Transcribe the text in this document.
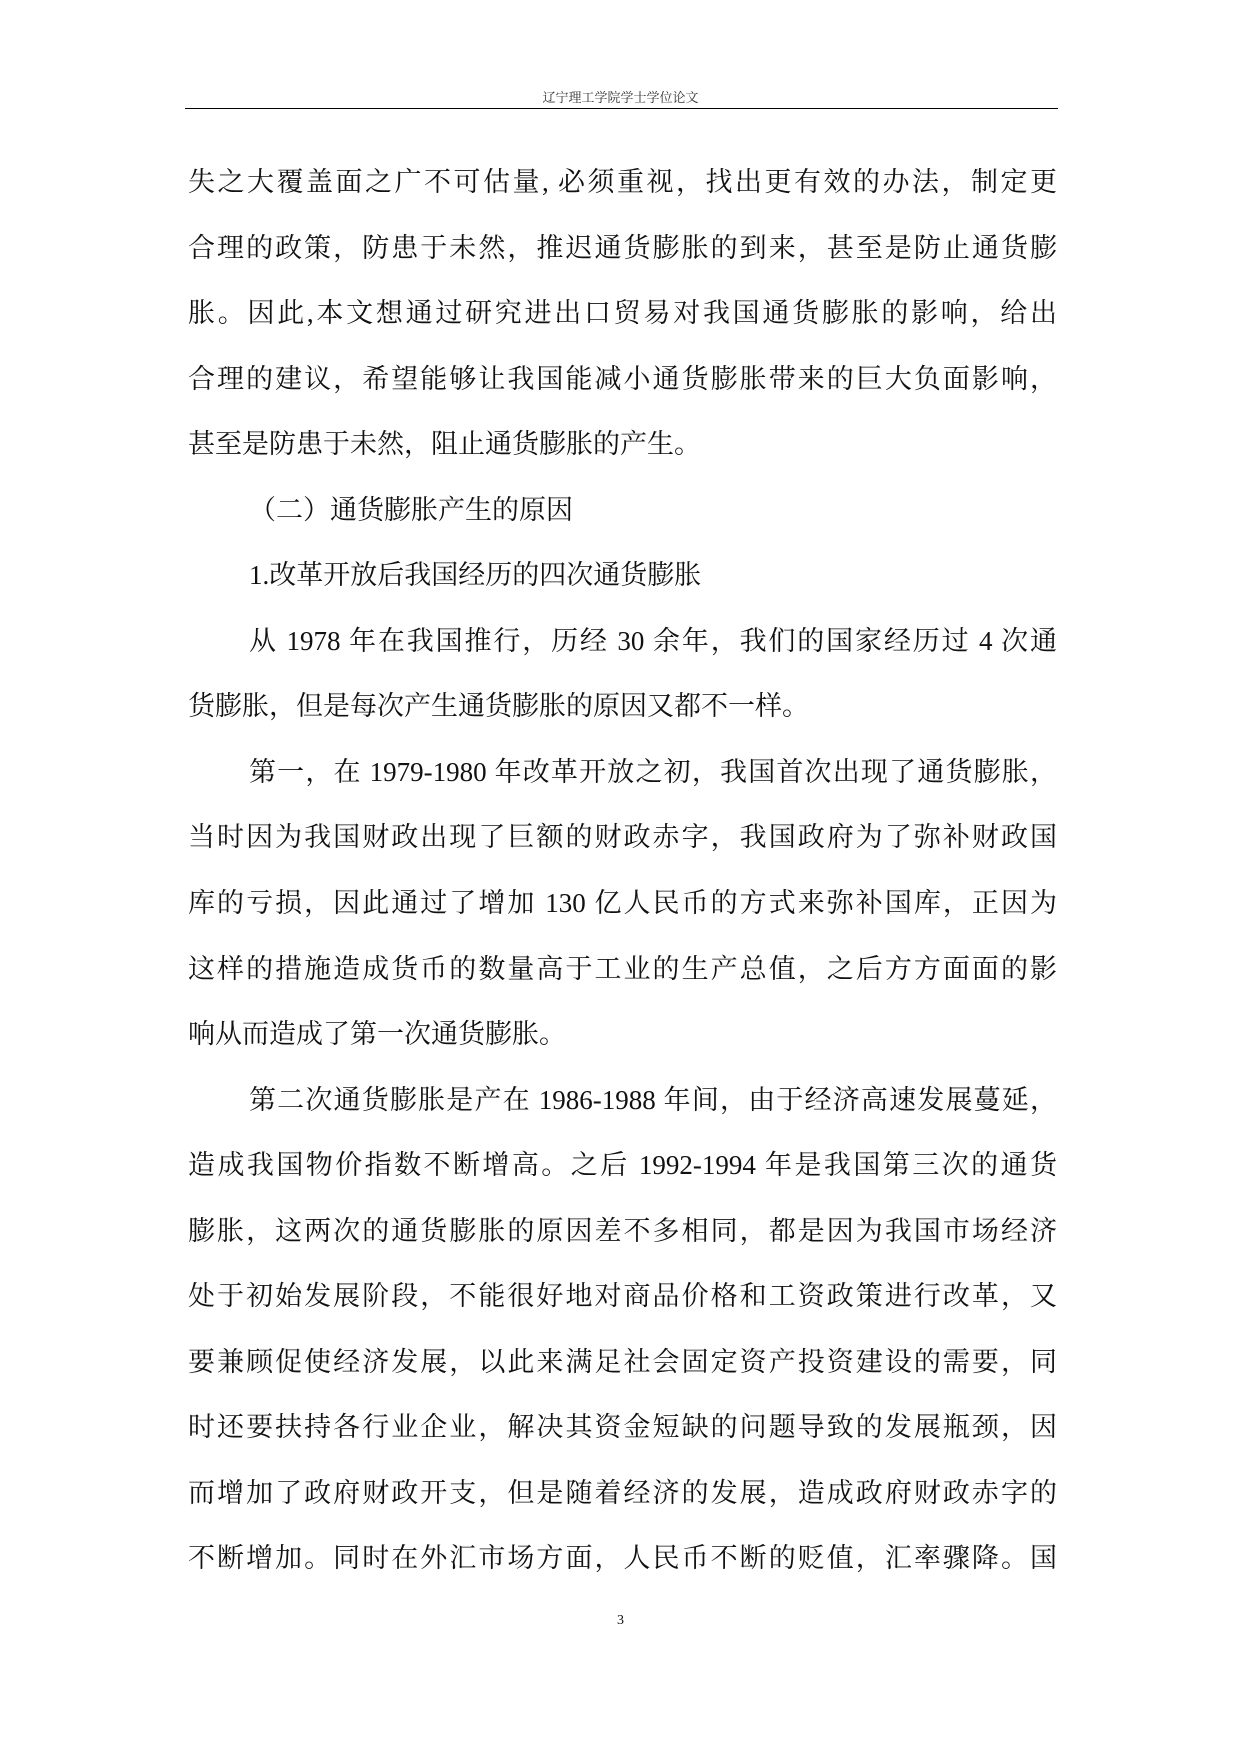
辽宁理工学院学士学位论文
失之大覆盖面之广不可估量, 必须重视，找出更有效的办法，制定更
合理的政策，防患于未然，推迟通货膨胀的到来，甚至是防止通货膨
胀。因此,本文想通过研究进出口贸易对我国通货膨胀的影响，给出
合理的建议，希望能够让我国能减小通货膨胀带来的巨大负面影响，
甚至是防患于未然，阻止通货膨胀的产生。
（二）通货膨胀产生的原因
1.改革开放后我国经历的四次通货膨胀
从 1978 年在我国推行，历经 30 余年，我们的国家经历过 4 次通
货膨胀，但是每次产生通货膨胀的原因又都不一样。
第一，在 1979-1980 年改革开放之初，我国首次出现了通货膨胀，
当时因为我国财政出现了巨额的财政赤字，我国政府为了弥补财政国
库的亏损，因此通过了增加 130 亿人民币的方式来弥补国库，正因为
这样的措施造成货币的数量高于工业的生产总值，之后方方面面的影
响从而造成了第一次通货膨胀。
第二次通货膨胀是产在 1986-1988 年间，由于经济高速发展蔓延，
造成我国物价指数不断增高。之后 1992-1994 年是我国第三次的通货
膨胀，这两次的通货膨胀的原因差不多相同，都是因为我国市场经济
处于初始发展阶段，不能很好地对商品价格和工资政策进行改革，又
要兼顾促使经济发展，以此来满足社会固定资产投资建设的需要，同
时还要扶持各行业企业，解决其资金短缺的问题导致的发展瓶颈，因
而增加了政府财政开支，但是随着经济的发展，造成政府财政赤字的
不断增加。同时在外汇市场方面，人民币不断的贬值，汇率骤降。国
3
